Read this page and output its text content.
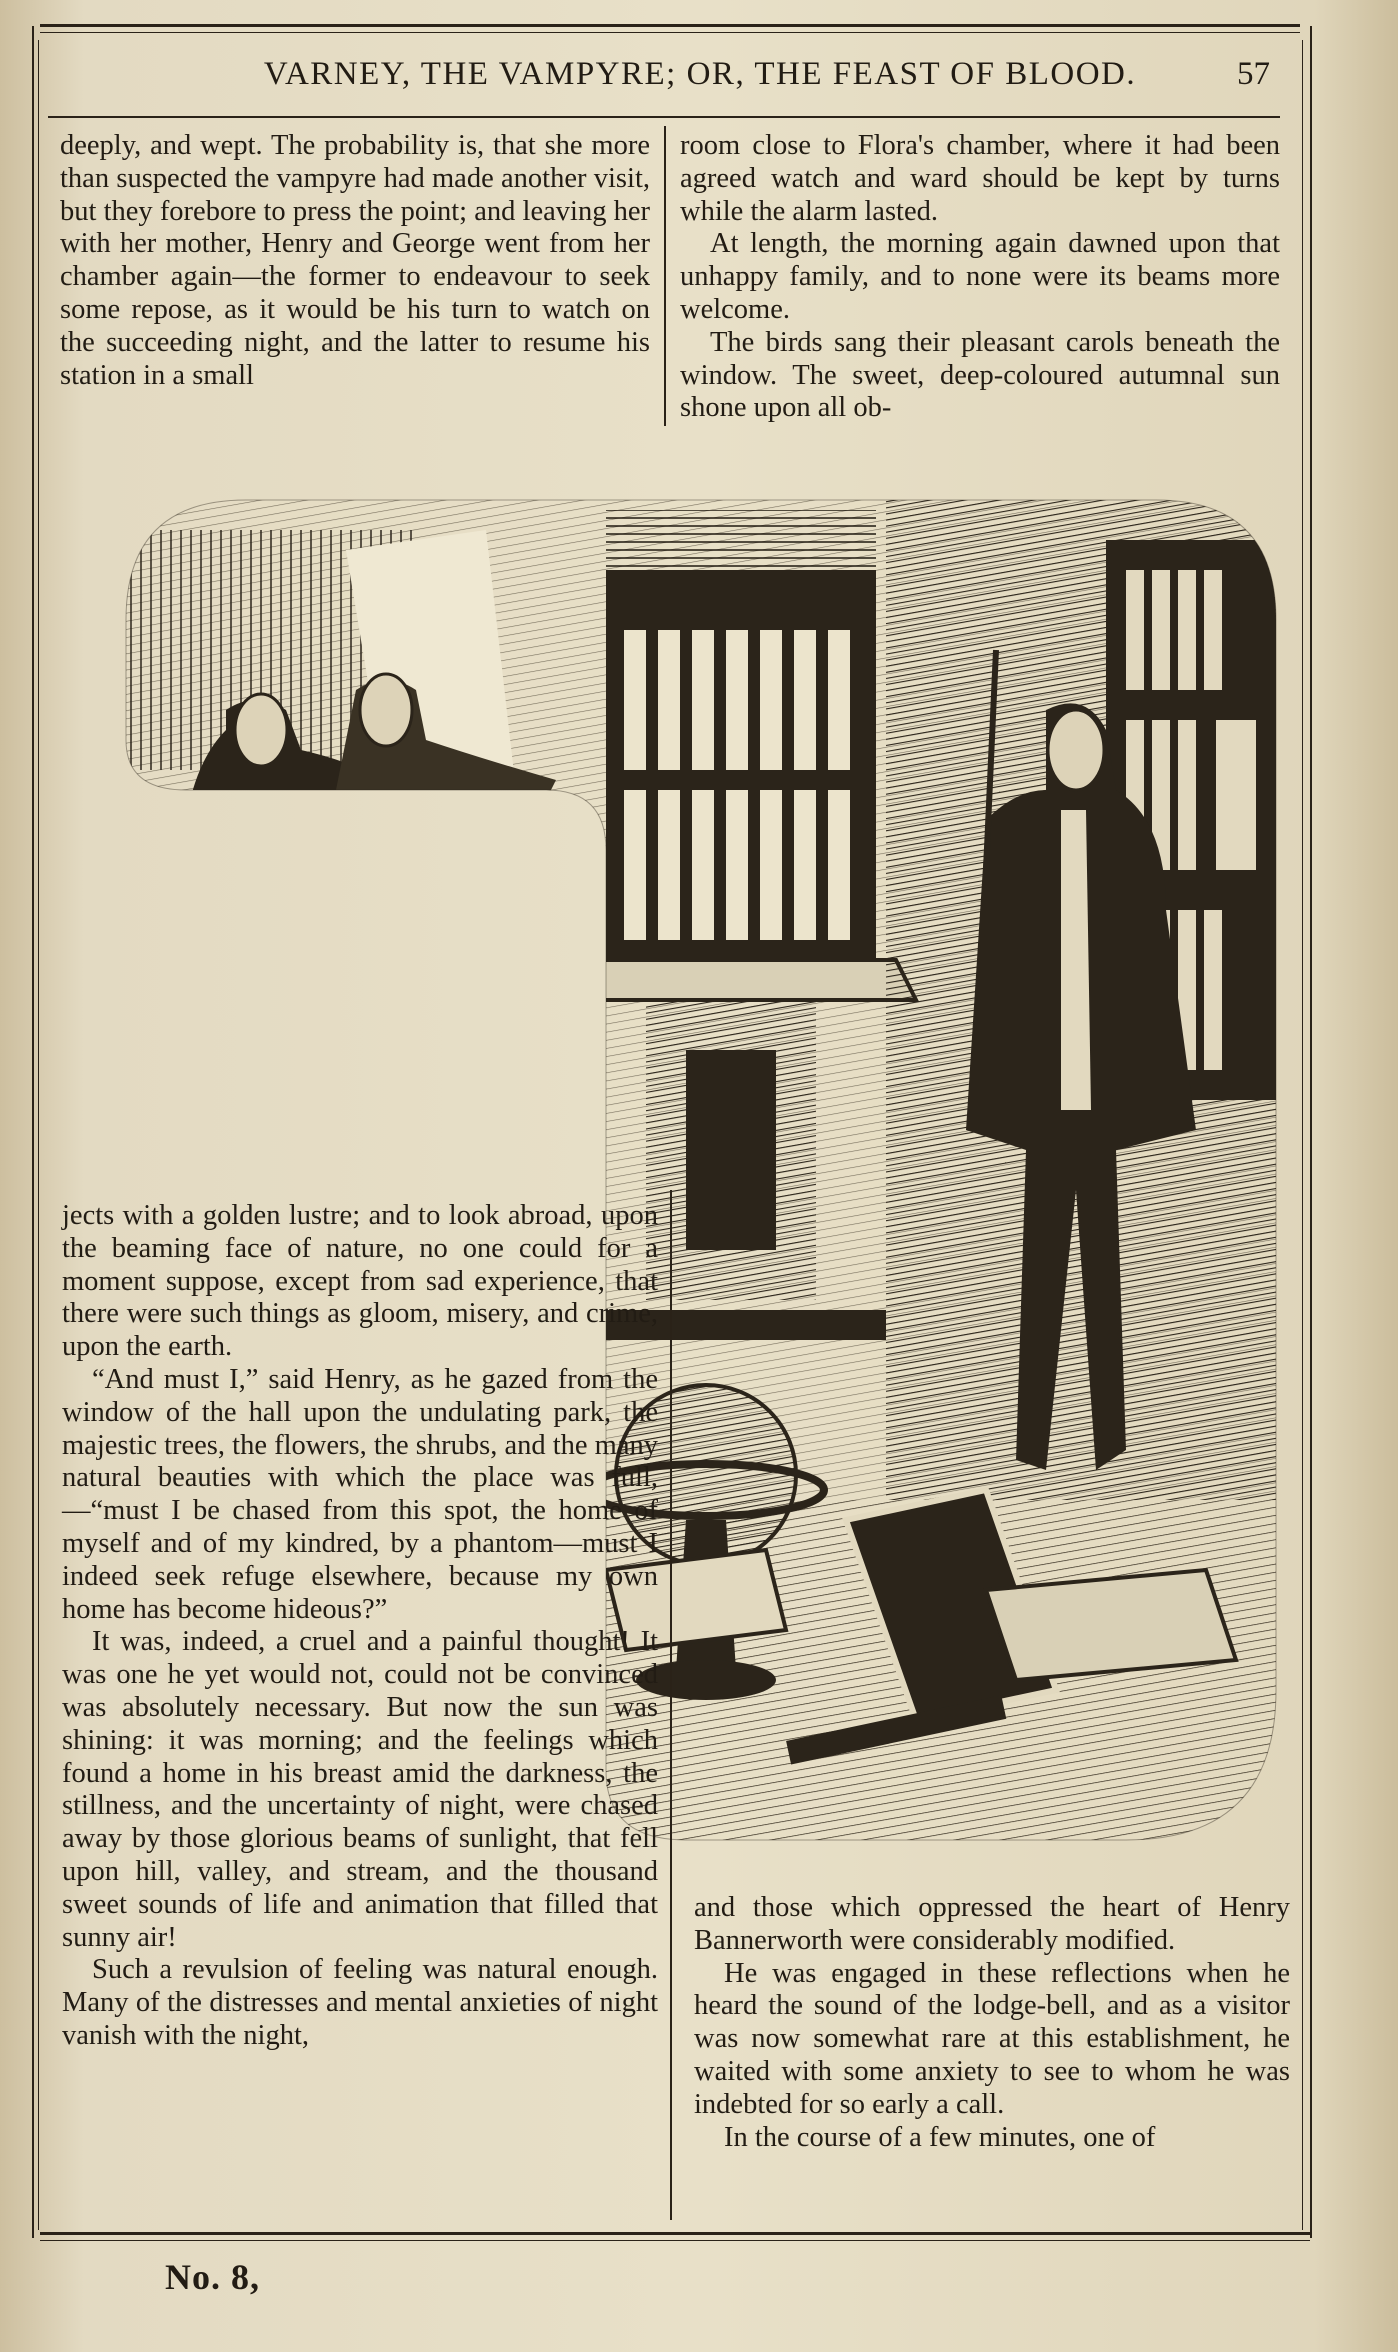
VARNEY, THE VAMPYRE; OR, THE FEAST OF BLOOD.	57

deeply, and wept. The probability is, that she more than suspected the vampyre had made another visit, but they forebore to press the point; and leaving her with her mother, Henry and George went from her chamber again—the former to endeavour to seek some repose, as it would be his turn to watch on the succeeding night, and the latter to resume his station in a small

room close to Flora's chamber, where it had been agreed watch and ward should be kept by turns while the alarm lasted.

At length, the morning again dawned upon that unhappy family, and to none were its beams more welcome.

The birds sang their pleasant carols beneath the window. The sweet, deep-coloured autumnal sun shone upon all ob-

jects with a golden lustre; and to look abroad, upon the beaming face of nature, no one could for a moment suppose, except from sad experience, that there were such things as gloom, misery, and crime, upon the earth.

“And must I,” said Henry, as he gazed from the window of the hall upon the undulating park, the majestic trees, the flowers, the shrubs, and the many natural beauties with which the place was full,—“must I be chased from this spot, the home of myself and of my kindred, by a phantom—must I indeed seek refuge elsewhere, because my own home has become hideous?”

It was, indeed, a cruel and a painful thought! It was one he yet would not, could not be convinced was absolutely necessary. But now the sun was shining: it was morning; and the feelings which found a home in his breast amid the darkness, the stillness, and the uncertainty of night, were chased away by those glorious beams of sunlight, that fell upon hill, valley, and stream, and the thousand sweet sounds of life and animation that filled that sunny air!

Such a revulsion of feeling was natural enough. Many of the distresses and mental anxieties of night vanish with the night,

and those which oppressed the heart of Henry Bannerworth were considerably modified.

He was engaged in these reflections when he heard the sound of the lodge-bell, and as a visitor was now somewhat rare at this establishment, he waited with some anxiety to see to whom he was indebted for so early a call.

In the course of a few minutes, one of

No. 8,
